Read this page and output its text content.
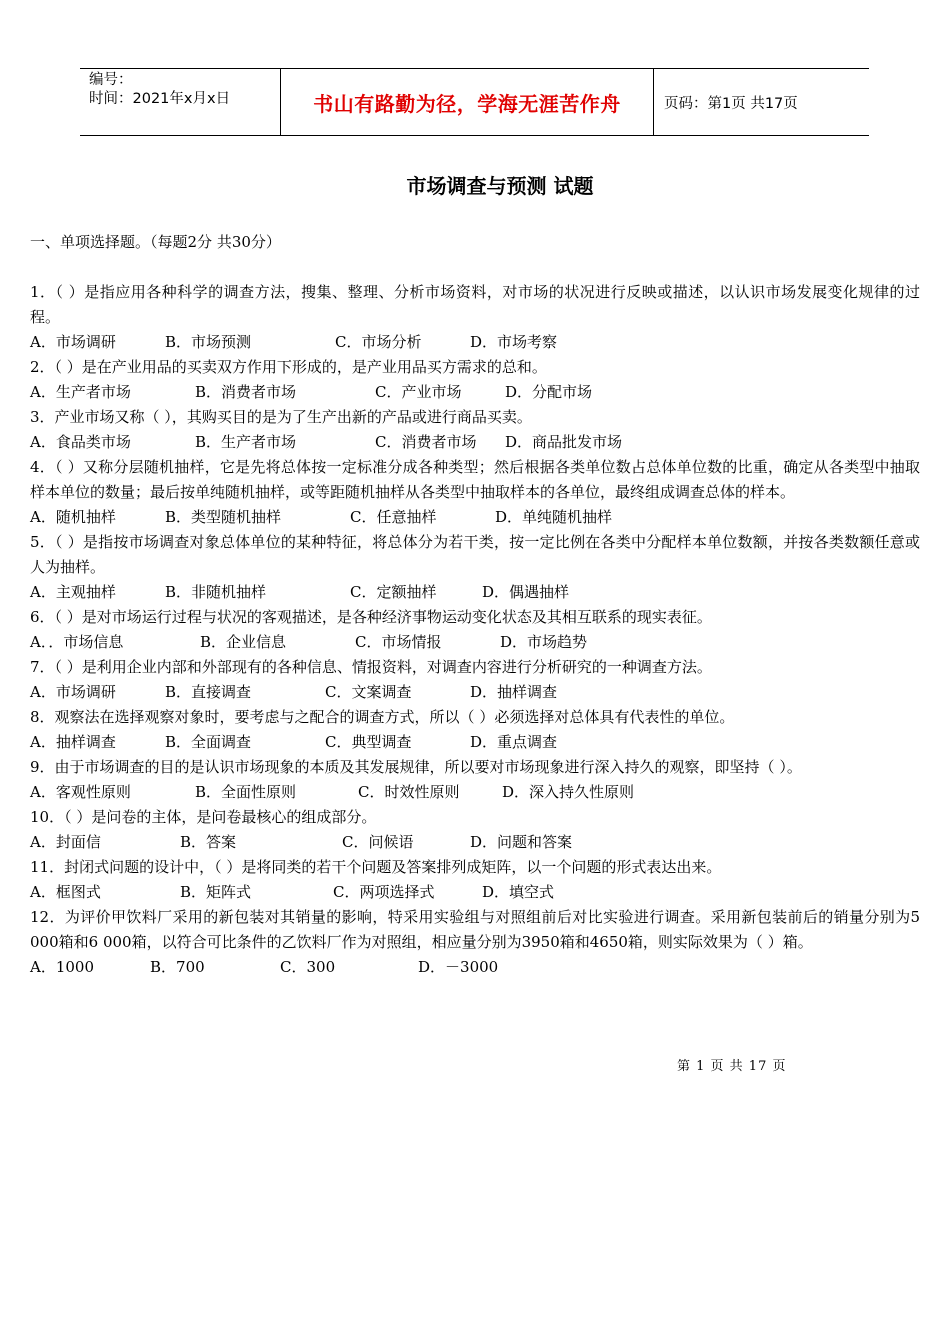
编号：
时间：2021年x月x日	书山有路勤为径，学海无涯苦作舟	页码：第1页 共17页
市场调查与预测 试题

一、单项选择题。（每题2分 共30分）

1．（ ）是指应用各种科学的调查方法，搜集、整理、分析市场资料，对市场的状况进行反映或描述，以认识市场发展变化规律的过程。

A．市场调研	B．市场预测	C．市场分析	D．市场考察

2．（ ）是在产业用品的买卖双方作用下形成的，是产业用品买方需求的总和。

A．生产者市场	B．消费者市场	C．产业市场	D．分配市场

3．产业市场又称（ ），其购买目的是为了生产出新的产品或进行商品买卖。

A．食品类市场	B．生产者市场	C．消费者市场 D．商品批发市场

4．（ ）又称分层随机抽样，它是先将总体按一定标准分成各种类型；然后根据各类单位数占总体单位数的比重，确定从各类型中抽取样本单位的数量；最后按单纯随机抽样，或等距随机抽样从各类型中抽取样本的各单位，最终组成调查总体的样本。

A．随机抽样	B．类型随机抽样	C．任意抽样	D．单纯随机抽样

5．（ ）是指按市场调查对象总体单位的某种特征，将总体分为若干类，按一定比例在各类中分配样本单位数额，并按各类数额任意或人为抽样。

A．主观抽样	B．非随机抽样	C．定额抽样	D．偶遇抽样

6．（ ）是对市场运行过程与状况的客观描述，是各种经济事物运动变化状态及其相互联系的现实表征。

A．．市场信息	B．企业信息	C．市场情报	D．市场趋势

7．（ ）是利用企业内部和外部现有的各种信息、情报资料，对调查内容进行分析研究的一种调查方法。

A．市场调研	B．直接调查	C．文案调查	D．抽样调查

8．观察法在选择观察对象时，要考虑与之配合的调查方式，所以（ ）必须选择对总体具有代表性的单位。

A．抽样调查	B．全面调查	C．典型调查	D．重点调查

9．由于市场调查的目的是认识市场现象的本质及其发展规律，所以要对市场现象进行深入持久的观察，即坚持（ ）。

A．客观性原则	B．全面性原则	C．时效性原则	D．深入持久性原则

10．（ ）是问卷的主体，是问卷最核心的组成部分。

A．封面信	B．答案	C．问候语	D．问题和答案

11．封闭式问题的设计中，（ ）是将同类的若干个问题及答案排列成矩阵，以一个问题的形式表达出来。

A．框图式	B．矩阵式	C．两项选择式	D．填空式

12．为评价甲饮料厂采用的新包装对其销量的影响，特采用实验组与对照组前后对比实验进行调查。采用新包装前后的销量分别为5 000箱和6 000箱，以符合可比条件的乙饮料厂作为对照组，相应量分别为3950箱和4650箱，则实际效果为（ ）箱。

A．1000	B．700	C．300	D．－3000
第 1 页 共 17 页
